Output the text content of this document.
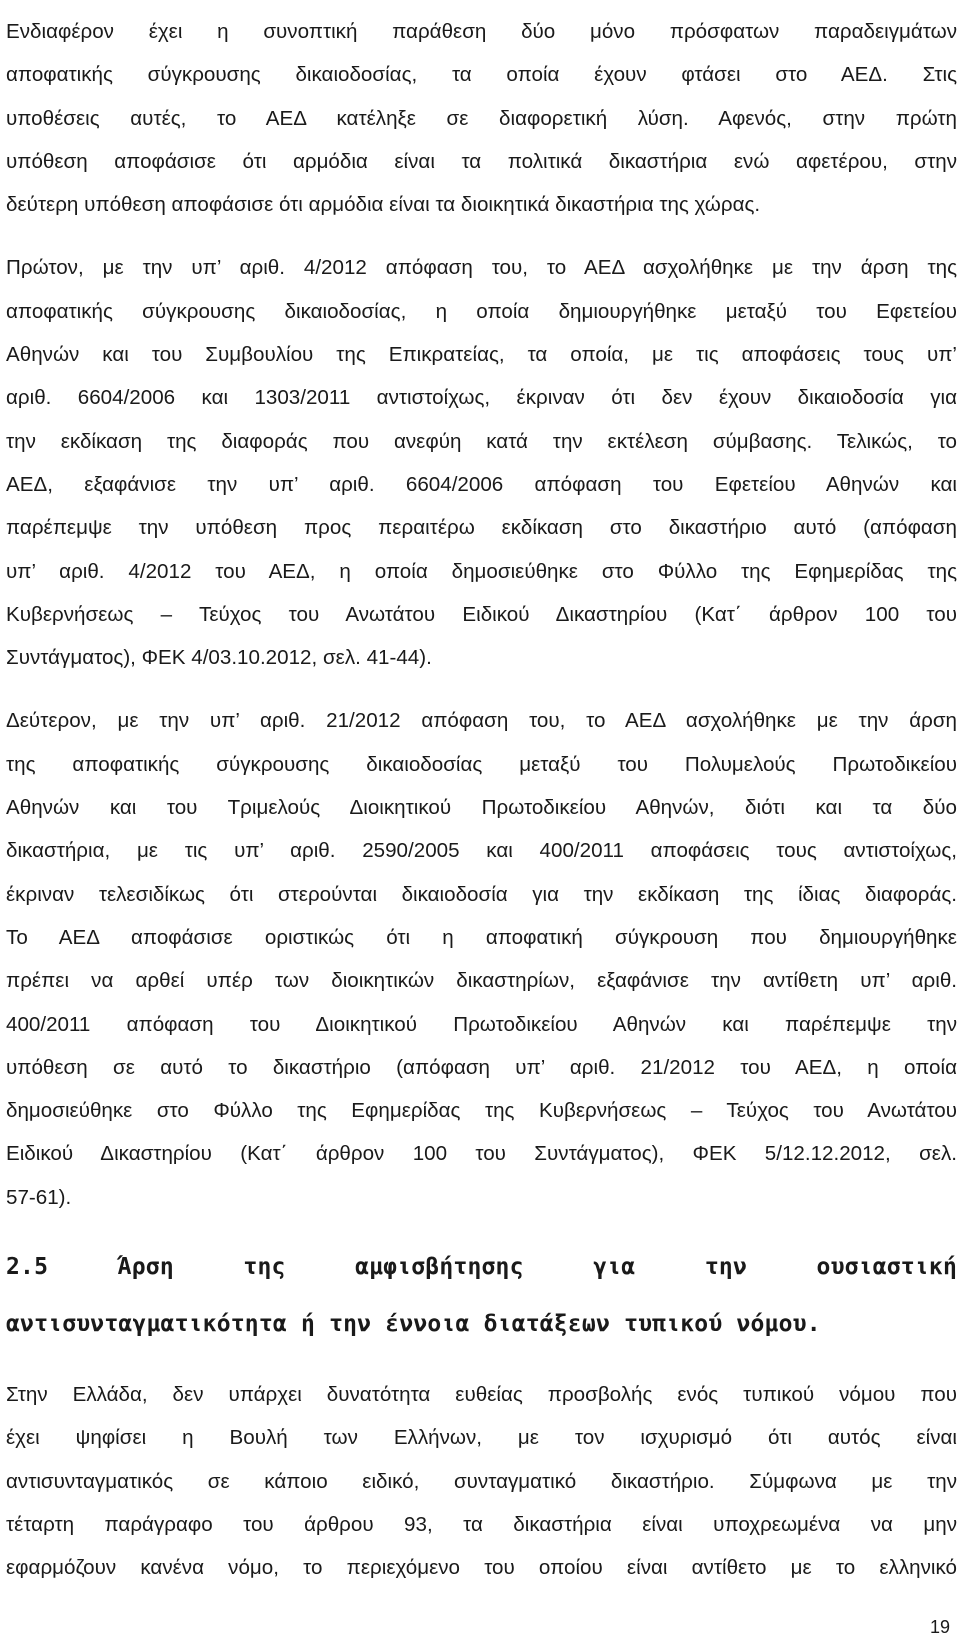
Ενδιαφέρον έχει η συνοπτική παράθεση δύο μόνο πρόσφατων παραδειγμάτων
αποφατικής σύγκρουσης δικαιοδοσίας, τα οποία έχουν φτάσει στο ΑΕΔ. Στις
υποθέσεις αυτές, το ΑΕΔ κατέληξε σε διαφορετική λύση. Αφενός, στην πρώτη
υπόθεση αποφάσισε ότι αρμόδια είναι τα πολιτικά δικαστήρια ενώ αφετέρου, στην
δεύτερη υπόθεση αποφάσισε ότι αρμόδια είναι τα διοικητικά δικαστήρια της χώρας.
Πρώτον, με την υπ’ αριθ. 4/2012 απόφαση του, το ΑΕΔ ασχολήθηκε με την άρση της
αποφατικής σύγκρουσης δικαιοδοσίας, η οποία δημιουργήθηκε μεταξύ του Εφετείου
Αθηνών και του Συμβουλίου της Επικρατείας, τα οποία, με τις αποφάσεις τους υπ’
αριθ. 6604/2006 και 1303/2011 αντιστοίχως, έκριναν ότι δεν έχουν δικαιοδοσία για
την εκδίκαση της διαφοράς που ανεφύη κατά την εκτέλεση σύμβασης. Τελικώς, το
ΑΕΔ, εξαφάνισε την υπ’ αριθ. 6604/2006 απόφαση του Εφετείου Αθηνών και
παρέπεμψε την υπόθεση προς περαιτέρω εκδίκαση στο δικαστήριο αυτό (απόφαση
υπ’ αριθ. 4/2012 του ΑΕΔ, η οποία δημοσιεύθηκε στο Φύλλο της Εφημερίδας της
Κυβερνήσεως – Τεύχος του Ανωτάτου Ειδικού Δικαστηρίου (Κατ΄ άρθρον 100 του
Συντάγματος), ΦΕΚ 4/03.10.2012, σελ. 41-44).
Δεύτερον, με την υπ’ αριθ. 21/2012 απόφαση του, το ΑΕΔ ασχολήθηκε με την άρση
της αποφατικής σύγκρουσης δικαιοδοσίας μεταξύ του Πολυμελούς Πρωτοδικείου
Αθηνών και του Τριμελούς Διοικητικού Πρωτοδικείου Αθηνών, διότι και τα δύο
δικαστήρια, με τις υπ’ αριθ. 2590/2005 και 400/2011 αποφάσεις τους αντιστοίχως,
έκριναν τελεσιδίκως ότι στερούνται δικαιοδοσία για την εκδίκαση της ίδιας διαφοράς.
Το ΑΕΔ αποφάσισε οριστικώς ότι η αποφατική σύγκρουση που δημιουργήθηκε
πρέπει να αρθεί υπέρ των διοικητικών δικαστηρίων, εξαφάνισε την αντίθετη υπ’ αριθ.
400/2011 απόφαση του Διοικητικού Πρωτοδικείου Αθηνών και παρέπεμψε την
υπόθεση σε αυτό το δικαστήριο (απόφαση υπ’ αριθ. 21/2012 του ΑΕΔ, η οποία
δημοσιεύθηκε στο Φύλλο της Εφημερίδας της Κυβερνήσεως – Τεύχος του Ανωτάτου
Ειδικού Δικαστηρίου (Κατ΄ άρθρον 100 του Συντάγματος), ΦΕΚ 5/12.12.2012, σελ.
57-61).
2.5 Άρση της αμφισβήτησης για την ουσιαστική
αντισυνταγματικότητα ή την έννοια διατάξεων τυπικού νόμου.
Στην Ελλάδα, δεν υπάρχει δυνατότητα ευθείας προσβολής ενός τυπικού νόμου που
έχει ψηφίσει η Βουλή των Ελλήνων, με τον ισχυρισμό ότι αυτός είναι
αντισυνταγματικός σε κάποιο ειδικό, συνταγματικό δικαστήριο. Σύμφωνα με την
τέταρτη παράγραφο του άρθρου 93, τα δικαστήρια είναι υποχρεωμένα να μην
εφαρμόζουν κανένα νόμο, το περιεχόμενο του οποίου είναι αντίθετο με το ελληνικό
19
